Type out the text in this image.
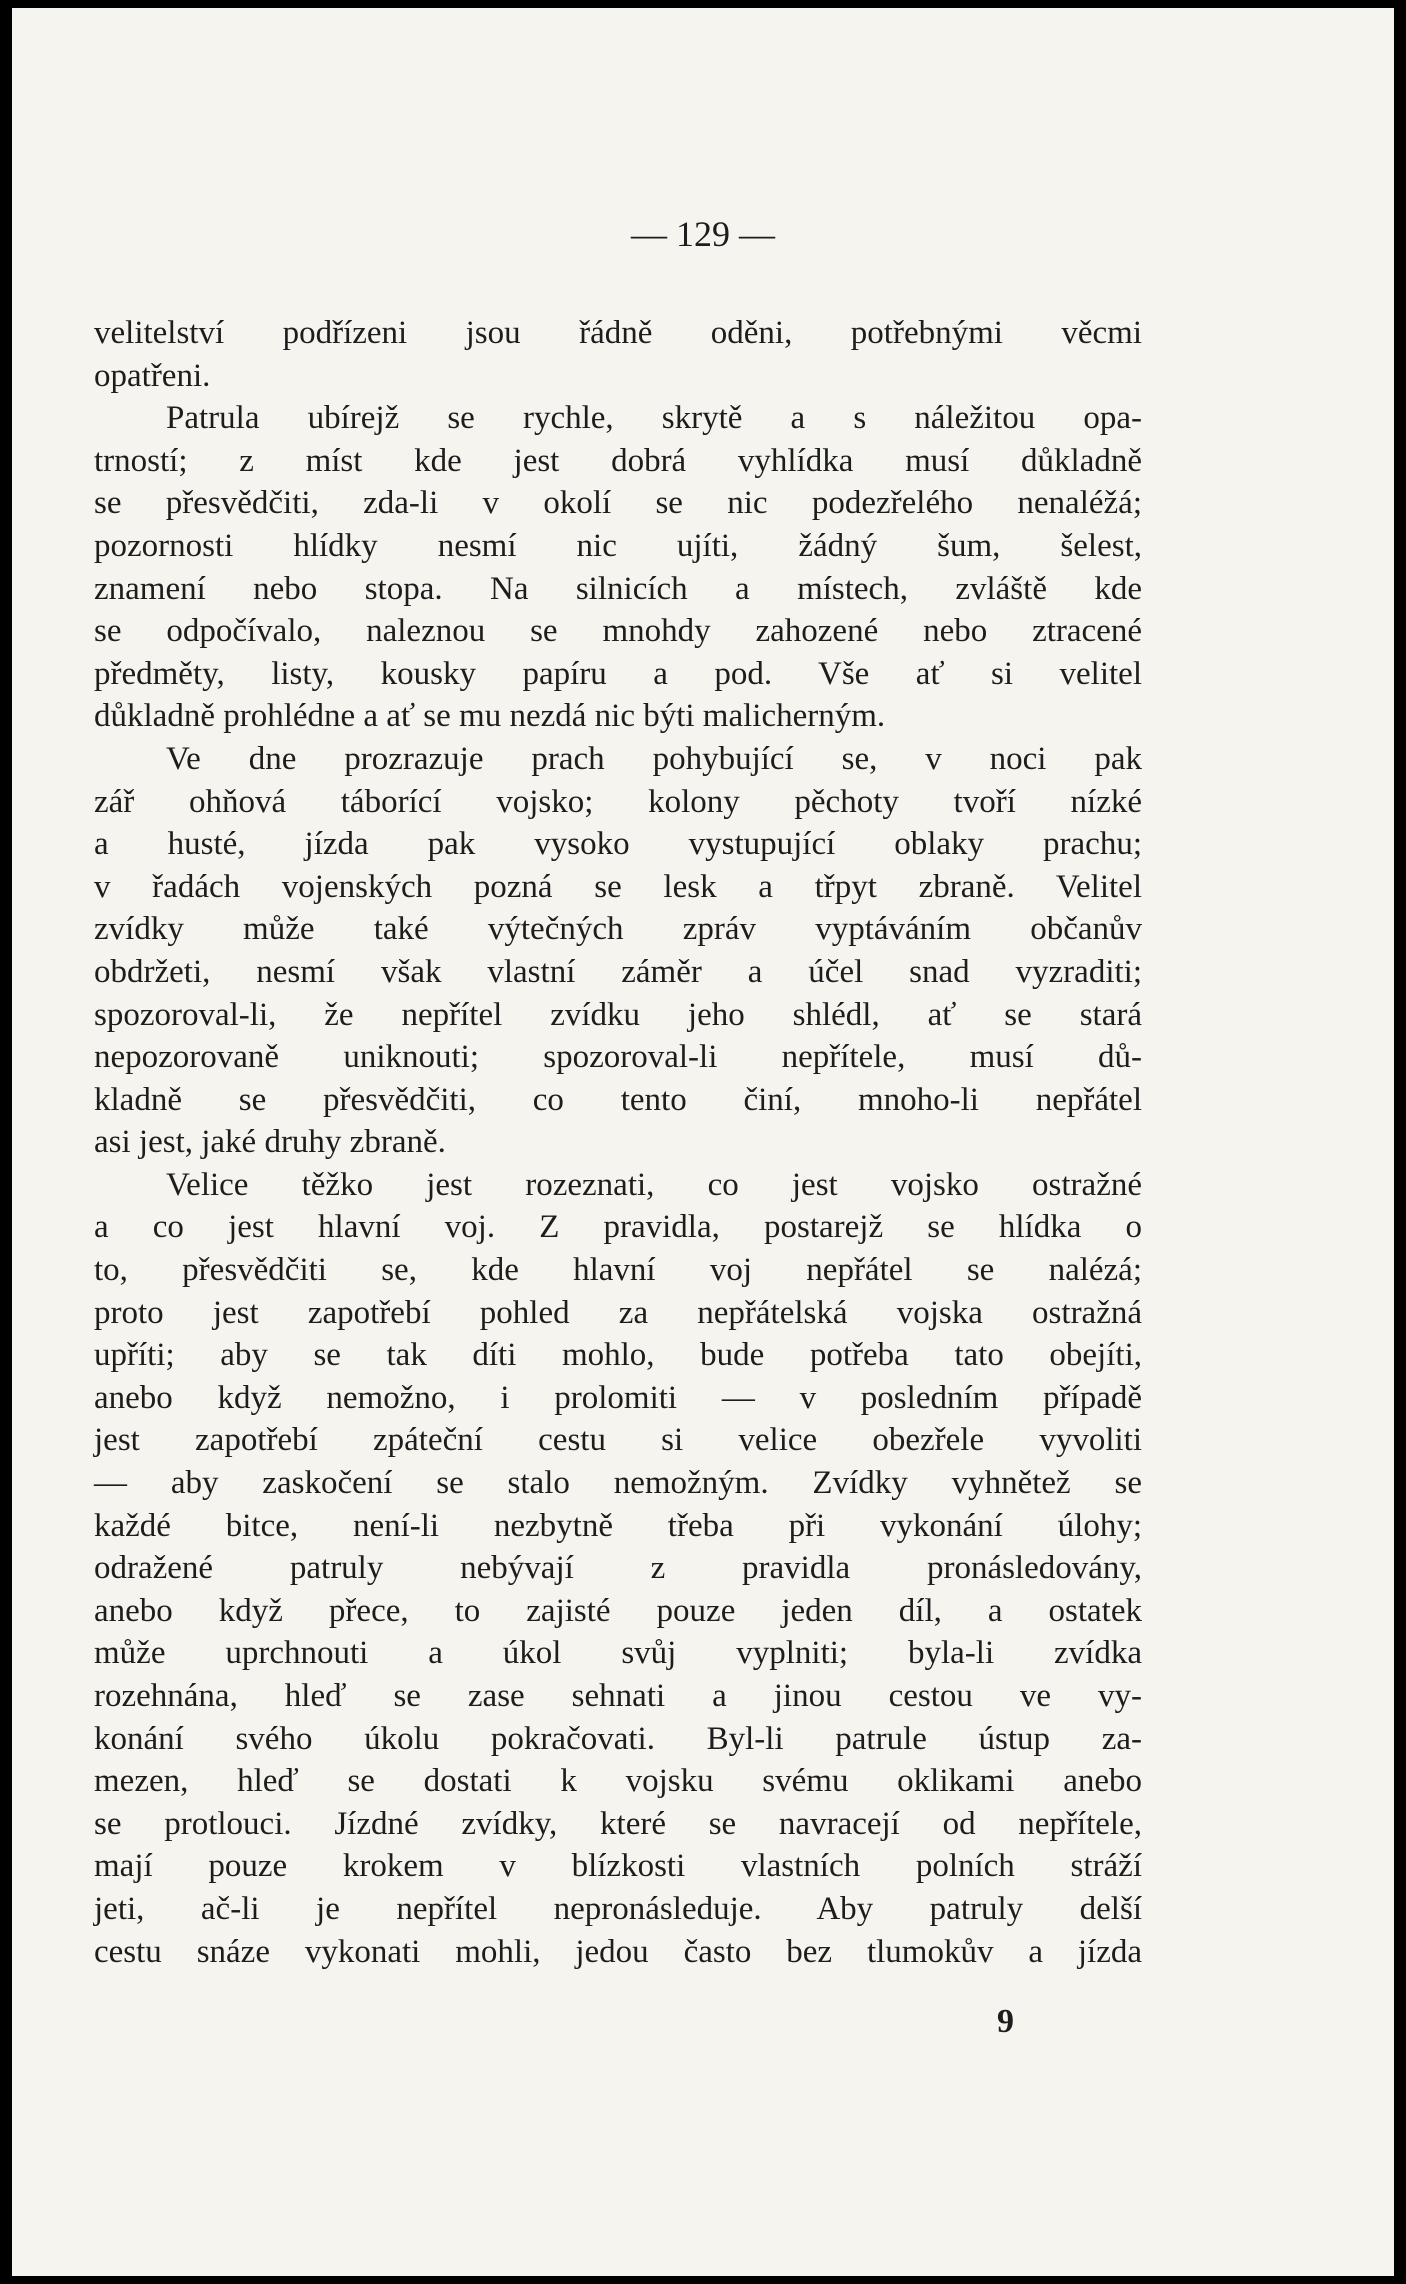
— 129 —
velitelství podřízeni jsou řádně oděni, potřebnými věcmi
opatřeni.
Patrula ubírejž se rychle, skrytě a s náležitou opa-
trností; z míst kde jest dobrá vyhlídka musí důkladně
se přesvědčiti, zda-li v okolí se nic podezřelého nenaléžá;
pozornosti hlídky nesmí nic ujíti, žádný šum, šelest,
znamení nebo stopa. Na silnicích a místech, zvláště kde
se odpočívalo, naleznou se mnohdy zahozené nebo ztracené
předměty, listy, kousky papíru a pod. Vše ať si velitel
důkladně prohlédne a ať se mu nezdá nic býti malicherným.
Ve dne prozrazuje prach pohybující se, v noci pak
zář ohňová táborící vojsko; kolony pěchoty tvoří nízké
a husté, jízda pak vysoko vystupující oblaky prachu;
v řadách vojenských pozná se lesk a třpyt zbraně. Velitel
zvídky může také výtečných zpráv vyptáváním občanův
obdržeti, nesmí však vlastní záměr a účel snad vyzraditi;
spozoroval-li, že nepřítel zvídku jeho shlédl, ať se stará
nepozorovaně uniknouti; spozoroval-li nepřítele, musí dů-
kladně se přesvědčiti, co tento činí, mnoho-li nepřátel
asi jest, jaké druhy zbraně.
Velice těžko jest rozeznati, co jest vojsko ostražné
a co jest hlavní voj. Z pravidla, postarejž se hlídka o
to, přesvědčiti se, kde hlavní voj nepřátel se nalézá;
proto jest zapotřebí pohled za nepřátelská vojska ostražná
upříti; aby se tak díti mohlo, bude potřeba tato obejíti,
anebo když nemožno, i prolomiti — v posledním případě
jest zapotřebí zpáteční cestu si velice obezřele vyvoliti
— aby zaskočení se stalo nemožným. Zvídky vyhnětež se
každé bitce, není-li nezbytně třeba při vykonání úlohy;
odražené patruly nebývají z pravidla pronásledovány,
anebo když přece, to zajisté pouze jeden díl, a ostatek
může uprchnouti a úkol svůj vyplniti; byla-li zvídka
rozehnána, hleď se zase sehnati a jinou cestou ve vy-
konání svého úkolu pokračovati. Byl-li patrule ústup za-
mezen, hleď se dostati k vojsku svému oklikami anebo
se protlouci. Jízdné zvídky, které se navracejí od nepřítele,
mají pouze krokem v blízkosti vlastních polních stráží
jeti, ač-li je nepřítel nepronásleduje. Aby patruly delší
cestu snáze vykonati mohli, jedou často bez tlumokův a jízda
9
